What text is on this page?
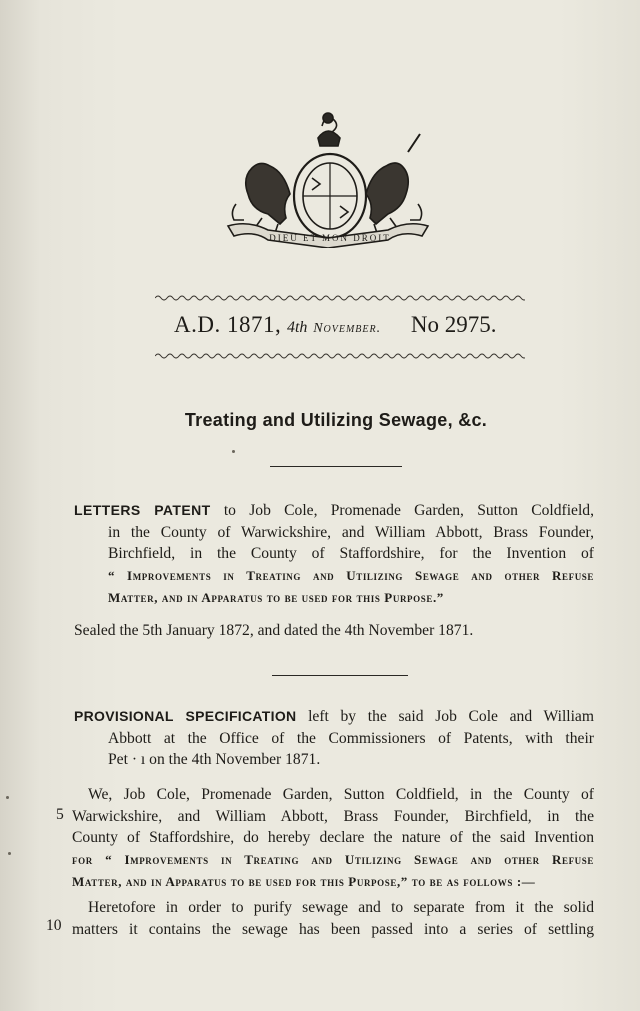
DIEU ET MON DROIT
A.D. 1871, 4th November. No 2975.
Treating and Utilizing Sewage, &c.
LETTERS PATENT to Job Cole, Promenade Garden, Sutton Coldfield,
in the County of Warwickshire, and William Abbott, Brass Founder,
Birchfield, in the County of Staffordshire, for the Invention of
“ Improvements in Treating and Utilizing Sewage and other Refuse
Matter, and in Apparatus to be used for this Purpose.”
Sealed the 5th January 1872, and dated the 4th November 1871.
PROVISIONAL SPECIFICATION left by the said Job Cole and William
Abbott at the Office of the Commissioners of Patents, with their
Pet · ı on the 4th November 1871.
5
We, Job Cole, Promenade Garden, Sutton Coldfield, in the County of
Warwickshire, and William Abbott, Brass Founder, Birchfield, in the
County of Staffordshire, do hereby declare the nature of the said Invention
for “ Improvements in Treating and Utilizing Sewage and other Refuse
Matter, and in Apparatus to be used for this Purpose,” to be as follows :—
10
Heretofore in order to purify sewage and to separate from it the solid
matters it contains the sewage has been passed into a series of settling
